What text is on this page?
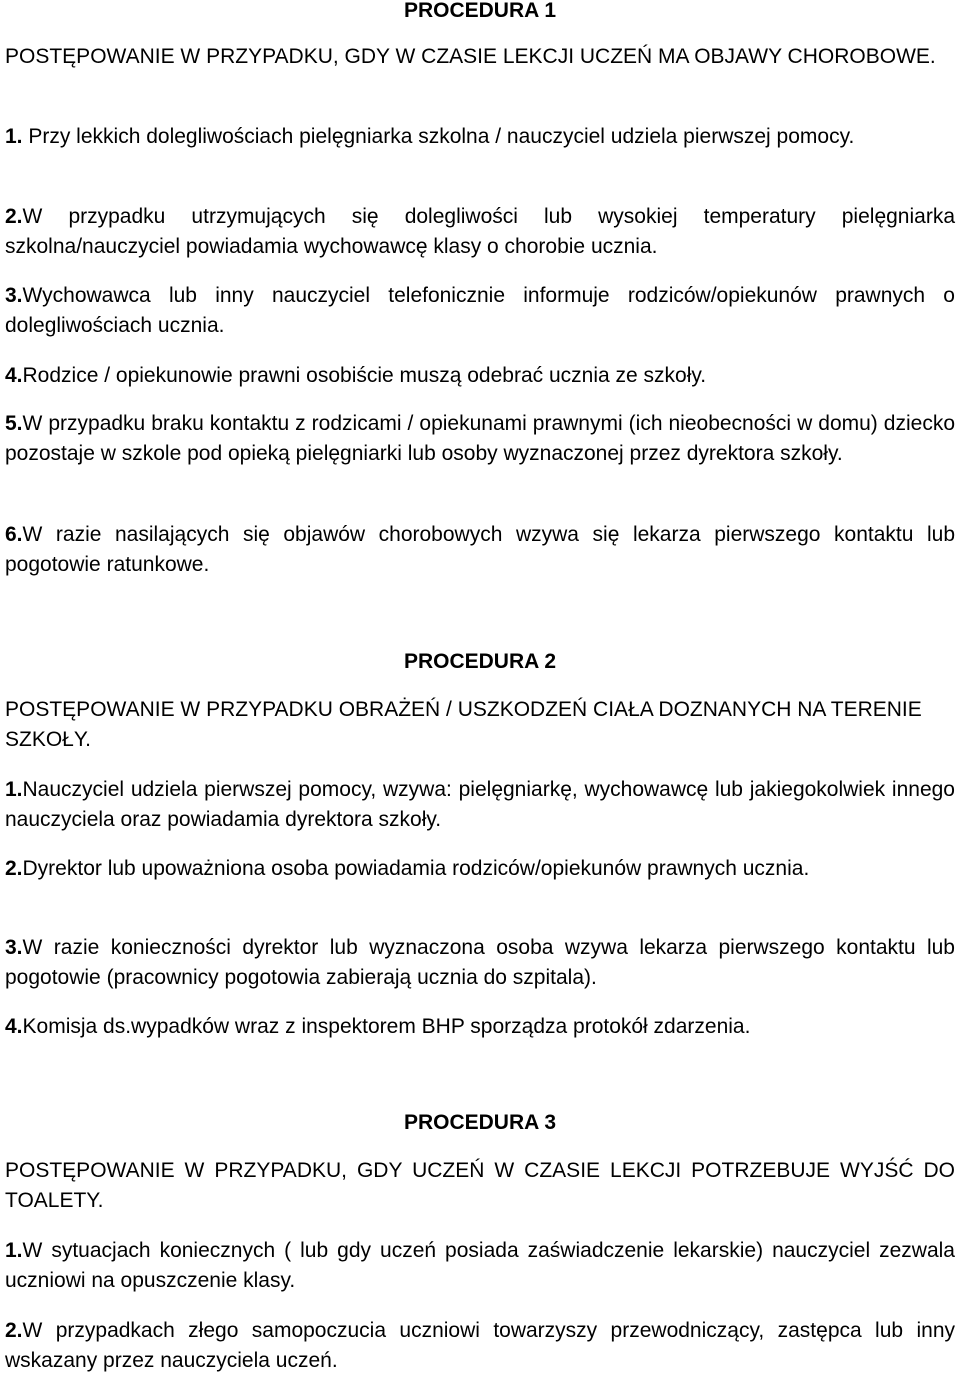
PROCEDURA 1

POSTĘPOWANIE W PRZYPADKU, GDY W CZASIE LEKCJI UCZEŃ MA OBJAWY CHOROBOWE.

1. Przy lekkich dolegliwościach pielęgniarka szkolna / nauczyciel udziela pierwszej pomocy.

2.W przypadku utrzymujących się dolegliwości lub wysokiej temperatury pielęgniarka szkolna/nauczyciel powiadamia wychowawcę klasy o chorobie ucznia.

3.Wychowawca lub inny nauczyciel telefonicznie informuje rodziców/opiekunów prawnych o dolegliwościach ucznia.

4.Rodzice / opiekunowie prawni osobiście muszą odebrać ucznia ze szkoły.

5.W przypadku braku kontaktu z rodzicami / opiekunami prawnymi (ich nieobecności w domu) dziecko pozostaje w szkole pod opieką pielęgniarki lub osoby wyznaczonej przez dyrektora szkoły.

6.W razie nasilających się objawów chorobowych wzywa się lekarza pierwszego kontaktu lub pogotowie ratunkowe.

PROCEDURA 2

POSTĘPOWANIE W PRZYPADKU OBRAŻEŃ / USZKODZEŃ CIAŁA DOZNANYCH NA TERENIE SZKOŁY.

1.Nauczyciel udziela pierwszej pomocy, wzywa: pielęgniarkę, wychowawcę lub jakiegokolwiek innego nauczyciela oraz powiadamia dyrektora szkoły.

2.Dyrektor lub upoważniona osoba powiadamia rodziców/opiekunów prawnych ucznia.

3.W razie konieczności dyrektor lub wyznaczona osoba wzywa lekarza pierwszego kontaktu lub pogotowie (pracownicy pogotowia zabierają ucznia do szpitala).

4.Komisja ds.wypadków wraz z inspektorem BHP sporządza protokół zdarzenia.

PROCEDURA 3

POSTĘPOWANIE W PRZYPADKU, GDY UCZEŃ W CZASIE LEKCJI POTRZEBUJE WYJŚĆ DO TOALETY.

1.W sytuacjach koniecznych ( lub gdy uczeń posiada zaświadczenie lekarskie) nauczyciel zezwala uczniowi na opuszczenie klasy.

2.W przypadkach złego samopoczucia uczniowi towarzyszy przewodniczący, zastępca lub inny wskazany przez nauczyciela uczeń.
